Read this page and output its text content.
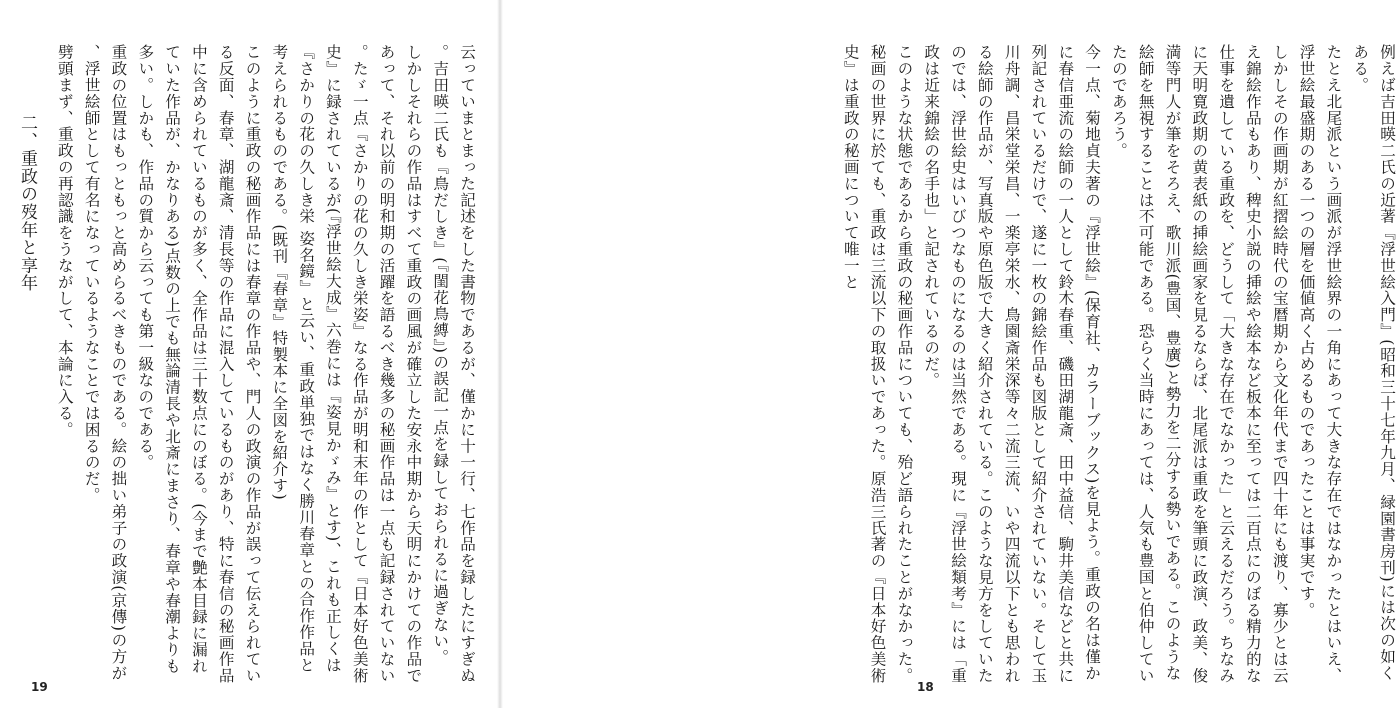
云っていまとまった記述をした書物であるが、僅かに十一行、七作品を録したにすぎぬ。吉田暎二氏も『鳥だしき』(『閨花鳥縛』)の誤記一点を録しておられるに過ぎない。

しかしそれらの作品はすべて重政の画風が確立した安永中期から天明にかけての作品であって、それ以前の明和期の活躍を語るべき幾多の秘画作品は一点も記録されていない。たゞ一点『さかりの花の久しき栄姿』なる作品が明和末年の作として『日本好色美術史』に録されているが(『浮世絵大成』六巻には『姿見かゞみ』とす)、これも正しくは『さかりの花の久しき栄 姿名鏡』と云い、重政単独ではなく勝川春章との合作作品と考えられるものである。(既刊『春章』特製本に全図を紹介す)

このように重政の秘画作品には春章の作品や、門人の政演の作品が誤って伝えられている反面、春章、湖龍斎、清長等の作品に混入しているものがあり、特に春信の秘画作品中に含められているものが多く、全作品は三十数点にのぼる。(今まで艶本目録に漏れていた作品が、かなりある)点数の上でも無論清長や北斎にまさり、春章や春潮よりも多い。しかも、作品の質から云っても第一級なのである。

重政の位置はもっともっと高めらるべきものである。絵の拙い弟子の政演(京傳)の方が、浮世絵師として有名になっているようなことでは困るのだ。

劈頭まず、重政の再認識をうながして、本論に入る。

二、重政の歿年と享年

19

例えば吉田暎二氏の近著『浮世絵入門』(昭和三十七年九月、緑園書房刊)には次の如くある。

たとえ北尾派という画派が浮世絵界の一角にあって大きな存在ではなかったとはいえ、浮世絵最盛期のある一つの層を価値高く占めるものであったことは事実です。

しかしその作画期が紅摺絵時代の宝暦期から文化年代まで四十年にも渡り、寡少とは云え錦絵作品もあり、稗史小説の挿絵や絵本など板本に至っては二百点にのぼる精力的な仕事を遺している重政を、どうして「大きな存在でなかった」と云えるだろう。ちなみに天明寛政期の黄表紙の挿絵画家を見るならば、北尾派は重政を筆頭に政演、政美、俊満等門人が筆をそろえ、歌川派(豊国、豊廣)と勢力を二分する勢いである。このような絵師を無視することは不可能である。恐らく当時にあっては、人気も豊国と伯仲していたのであろう。

今一点、菊地貞夫著の『浮世絵』(保育社、カラーブックス)を見よう。重政の名は僅かに春信亜流の絵師の一人として鈴木春重、磯田湖龍斎、田中益信、駒井美信などと共に列記されているだけで、遂に一枚の錦絵作品も図版として紹介されていない。そして玉川舟調、昌栄堂栄昌、一楽亭栄水、鳥園斎栄深等々二流三流、いや四流以下とも思われる絵師の作品が、写真版や原色版で大きく紹介されている。このような見方をしていたのでは、浮世絵史はいびつなものになるのは当然である。現に『浮世絵類考』には「重政は近来錦絵の名手也」と記されているのだ。

このような状態であるから重政の秘画作品についても、殆ど語られたことがなかった。秘画の世界に於ても、重政は三流以下の取扱いであった。原浩三氏著の『日本好色美術史』は重政の秘画について唯一と

18
